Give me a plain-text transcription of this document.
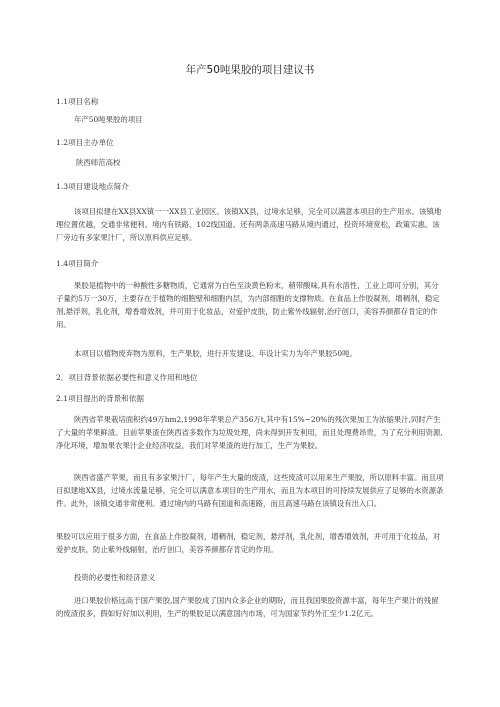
年产50吨果胶的项目建议书
1.1项目名称
年产50吨果胶的项目
1.2项目主办单位
陕西师范高校
1.3项目建设地点简介

该项目拟建在XX县XX镇一一XX县工业园区。该镇XX县，过境水足够，完全可以满意本项目的生产用水。该镇地理位置优越，交通非常便利。境内有铁路、102线国道、还有两条高速马路从境内通过，投资环境宽松，政策实惠。该厂旁边有多家果汁厂，所以原料供应足够。

1.4项目简介

果胶是植物中的一种酸性多糖物质，它通常为白色至淡黄色粉末，稍带酸味,具有水溶性，工业上即可分别，其分子量约5万一30万，主要存在于植物的细胞壁和细胞内层，为内部细胞的支撑物质。在食品上作胶凝剂，增稠剂，稳定剂,悬浮剂，乳化剂，增香增效剂，并可用于化妆品，对爱护皮肤，防止紫外线辐射,治疗创口，美容养颜都存肯定的作用。

本项目以植物废弃物为原料，生产果胶，进行开发建设。年设计实力为年产果胶50吨。

2．项目背景依据必要性和意义作用和地位
2.1项目提出的背景和依据

陕西省苹果栽培面积约49万hm2,1998年苹果总产356万t,其中有15%~20%的残次果加工为浓缩果汁,同时产生了大量的苹果鲜渣。目前苹果渣在陕西省多数作为垃圾处理，尚未得到开发利用，而且处理费昂贵，为了充分利用资源,净化环境，增加果农果汁企业经济收益，我们对苹果渣的进行加工，生产为果胶。

陕西省盛产苹果，而且有多家果汁厂，每年产生大量的废渣，这些废渣可以用来生产果胶，所以原料丰富。而且项目拟建地XX县，过境水流量足够，完全可以满意本项目的生产用水，而且为本项目的可持续发展供应了足够的水资源条件。此外，该镇交通非常便利。通过境内的马路有国道和高速路，而且高速马路在该镇设有出入口。

果胶可以应用于很多方面，在食品上作胶凝剂，增稠剂，稳定剂，悬浮剂，乳化剂，增香增效剂，并可用于化妆品，对爱护皮肤，防止紫外线辐射，治疗创口，美容养颜都存肯定的作用。

投资的必要性和经济意义

进口果胶价格远高于国产果胶,国产果胶成了国内众多企业的期盼，而且我国果胶资源丰富，每年生产果汁的残留的废渣很多，假如好好加以利用，生产的果胶足以满意国内市场，可为国家节约外汇至少1.2亿元。
